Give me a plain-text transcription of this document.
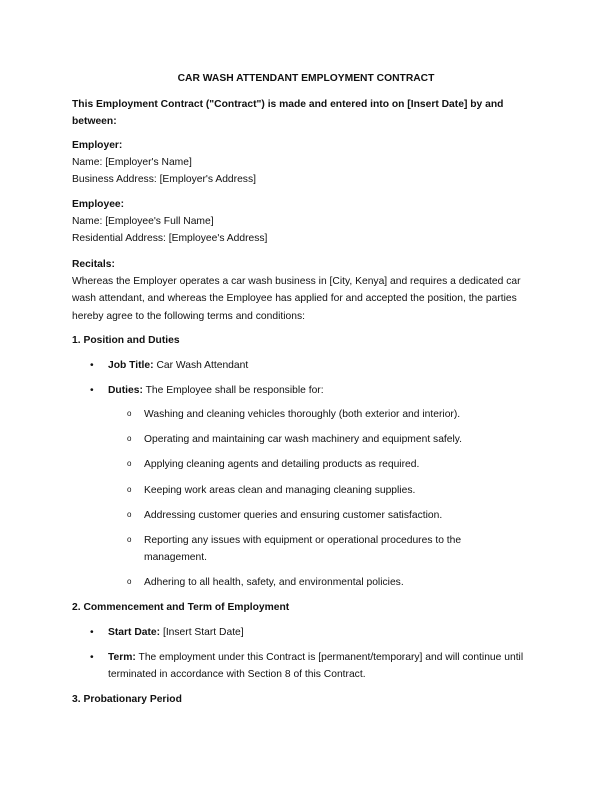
CAR WASH ATTENDANT EMPLOYMENT CONTRACT
This Employment Contract ("Contract") is made and entered into on [Insert Date] by and between:
Employer:
Name: [Employer's Name]
Business Address: [Employer's Address]
Employee:
Name: [Employee's Full Name]
Residential Address: [Employee's Address]
Recitals:
Whereas the Employer operates a car wash business in [City, Kenya] and requires a dedicated car wash attendant, and whereas the Employee has applied for and accepted the position, the parties hereby agree to the following terms and conditions:
1. Position and Duties
• Job Title: Car Wash Attendant
• Duties: The Employee shall be responsible for:
o Washing and cleaning vehicles thoroughly (both exterior and interior).
o Operating and maintaining car wash machinery and equipment safely.
o Applying cleaning agents and detailing products as required.
o Keeping work areas clean and managing cleaning supplies.
o Addressing customer queries and ensuring customer satisfaction.
o Reporting any issues with equipment or operational procedures to the management.
o Adhering to all health, safety, and environmental policies.
2. Commencement and Term of Employment
• Start Date: [Insert Start Date]
• Term: The employment under this Contract is [permanent/temporary] and will continue until terminated in accordance with Section 8 of this Contract.
3. Probationary Period
